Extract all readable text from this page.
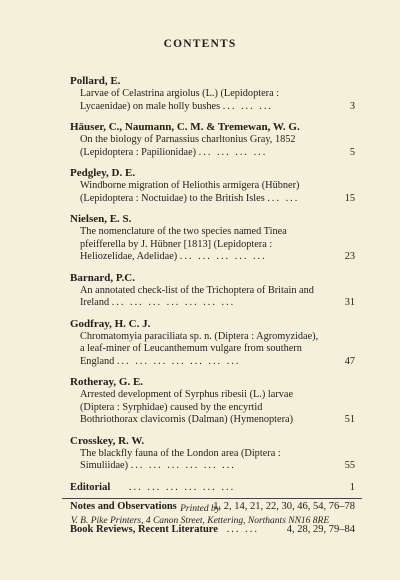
CONTENTS
Pollard, E.
Larvae of Celastrina argiolus (L.) (Lepidoptera :
Lycaenidae) on male holly bushes ... ... ...	3
Häuser, C., Naumann, C. M. & Tremewan, W. G.
On the biology of Parnassius charltonius Gray, 1852
(Lepidoptera : Papilionidae) ... ... ... ...	5
Pedgley, D. E.
Windborne migration of Heliothis armigera (Hübner)
(Lepidoptera : Noctuidae) to the British Isles ... ...	15
Nielsen, E. S.
The nomenclature of the two species named Tinea
pfeifferella by J. Hübner [1813] (Lepidoptera :
Heliozelidae, Adelidae) ... ... ... ... ...	23
Barnard, P.C.
An annotated check-list of the Trichoptera of Britain and
Ireland ... ... ... ... ... ... ...	31
Godfray, H. C. J.
Chromatomyia paraciliata sp. n. (Diptera : Agromyzidae),
a leaf-miner of Leucanthemum vulgare from southern
England ... ... ... ... ... ... ...	47
Rotheray, G. E.
Arrested development of Syrphus ribesii (L.) larvae
(Diptera : Syrphidae) caused by the encyrtid
Bothriothorax clavicornis (Dalman) (Hymenoptera)	51
Crosskey, R. W.
The blackfly fauna of the London area (Diptera :
Simuliidae) ... ... ... ... ... ...	55
Editorial ... ... ... ... ... ...	1
Notes and Observations	1, 2, 14, 21, 22, 30, 46, 54, 76–78
Book Reviews, Recent Literature ... ...	4, 28, 29, 79–84
Printed by
V. B. Pike Printers, 4 Canon Street, Kettering, Northants NN16 8RE
